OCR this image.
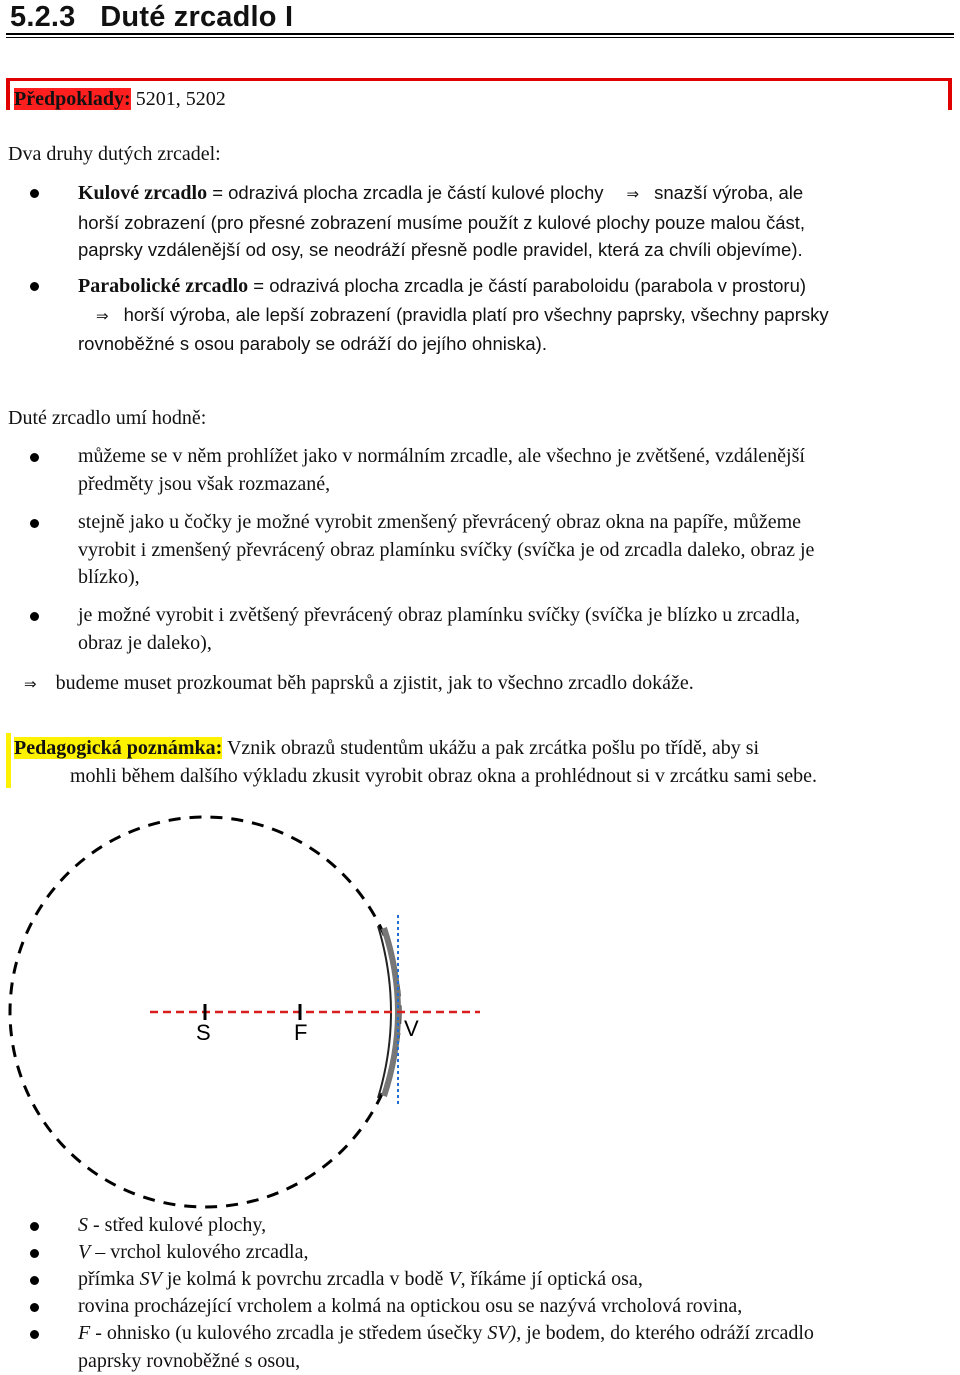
5.2.3 Duté zrcadlo I
Předpoklady: 5201, 5202
Dva druhy dutých zrcadel:
Kulové zrcadlo = odrazivá plocha zrcadla je částí kulové plochy ⇒ snazší výroba, ale
horší zobrazení (pro přesné zobrazení musíme použít z kulové plochy pouze malou část,
paprsky vzdálenější od osy, se neodráží přesně podle pravidel, která za chvíli objevíme).
Parabolické zrcadlo = odrazivá plocha zrcadla je částí paraboloidu (parabola v prostoru)
⇒ horší výroba, ale lepší zobrazení (pravidla platí pro všechny paprsky, všechny paprsky
rovnoběžné s osou paraboly se odráží do jejího ohniska).
Duté zrcadlo umí hodně:
můžeme se v něm prohlížet jako v normálním zrcadle, ale všechno je zvětšené, vzdálenější
předměty jsou však rozmazané,
stejně jako u čočky je možné vyrobit zmenšený převrácený obraz okna na papíře, můžeme
vyrobit i zmenšený převrácený obraz plamínku svíčky (svíčka je od zrcadla daleko, obraz je
blízko),
je možné vyrobit i zvětšený převrácený obraz plamínku svíčky (svíčka je blízko u zrcadla,
obraz je daleko),
⇒ budeme muset prozkoumat běh paprsků a zjistit, jak to všechno zrcadlo dokáže.
Pedagogická poznámka: Vznik obrazů studentům ukážu a pak zrcátka pošlu po třídě, aby si
mohli během dalšího výkladu zkusit vyrobit obraz okna a prohlédnout si v zrcátku sami sebe.
S	F	V
S - střed kulové plochy,
V – vrchol kulového zrcadla,
přímka SV je kolmá k povrchu zrcadla v bodě V, říkáme jí optická osa,
rovina procházející vrcholem a kolmá na optickou osu se nazývá vrcholová rovina,
F - ohnisko (u kulového zrcadla je středem úsečky SV), je bodem, do kterého odráží zrcadlo
paprsky rovnoběžné s osou,
